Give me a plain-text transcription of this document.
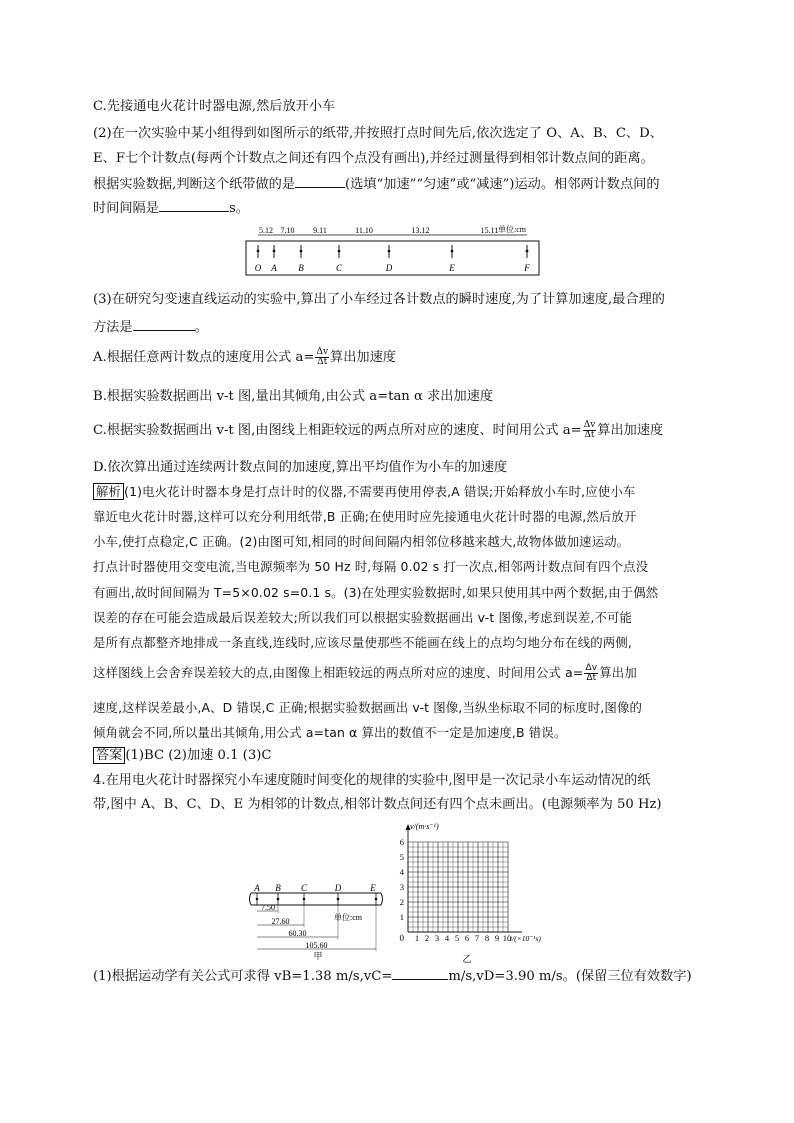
C.先接通电火花计时器电源,然后放开小车
(2)在一次实验中某小组得到如图所示的纸带,并按照打点时间先后,依次选定了 O、A、B、C、D、
E、F七个计数点(每两个计数点之间还有四个点没有画出),并经过测量得到相邻计数点间的距离。
根据实验数据,判断这个纸带做的是	(选填“加速”“匀速”或“减速”)运动。相邻两计数点间的
时间间隔是	s。
O A B	C	D	E	F
5.12 7.10 9.11	11.10	13.12	15.11 单位:cm
(3)在研究匀变速直线运动的实验中,算出了小车经过各计数点的瞬时速度,为了计算加速度,最合理的
方法是	。
A.根据任意两计数点的速度用公式 $a= \frac{\Delta v}{\Delta t}$ 算出加速度
B.根据实验数据画出 v-t 图,量出其倾角,由公式 a=tan α 求出加速度
C.根据实验数据画出 v-t 图,由图线上相距较远的两点所对应的速度、时间用公式 $a= \frac{\Delta v}{\Delta t}$ 算出加速度
D.依次算出通过连续两计数点间的加速度,算出平均值作为小车的加速度
解析 (1)电火花计时器本身是打点计时的仪器,不需要再使用停表,A 错误;开始释放小车时,应使小车
靠近电火花计时器,这样可以充分利用纸带,B 正确;在使用时应先接通电火花计时器的电源,然后放开
小车,使打点稳定,C 正确。(2)由图可知,相同的时间间隔内相邻位移越来越大,故物体做加速运动。
打点计时器使用交变电流,当电源频率为 50 Hz 时,每隔 0.02 s 打一次点,相邻两计数点间有四个点没
有画出,故时间间隔为 T=5×0.02 s=0.1 s。(3)在处理实验数据时,如果只使用其中两个数据,由于偶然
误差的存在可能会造成最后误差较大;所以我们可以根据实验数据画出 v-t 图像,考虑到误差,不可能
是所有点都整齐地排成一条直线,连线时,应该尽量使那些不能画在线上的点均匀地分布在线的两侧,
这样图线上会舍弃误差较大的点,由图像上相距较远的两点所对应的速度、时间用公式 $a= \frac{\Delta v}{\Delta t}$ 算出加
速度,这样误差最小,A、D 错误,C 正确;根据实验数据画出 v-t 图像,当纵坐标取不同的标度时,图像的
倾角就会不同,所以量出其倾角,用公式 a=tan α 算出的数值不一定是加速度,B 错误。
答案 (1)BC (2)加速 0.1 (3)C
4.在用电火花计时器探究小车速度随时间变化的规律的实验中,图甲是一次记录小车运动情况的纸
带,图中 A、B、C、D、E 为相邻的计数点,相邻计数点间还有四个点未画出。(电源频率为 50 Hz)
A B C	D	E
7.50
27.60
60.30
105.60
单位:cm
甲
v/(m·s⁻¹)
0
1
2
3
4
5
6
1 2 3 4 5 6 7 8 9 10
t/(×10⁻¹s)
乙
(1)根据运动学有关公式可求得 vB=1.38 m/s,vC=	m/s,vD=3.90 m/s。(保留三位有效数字)
